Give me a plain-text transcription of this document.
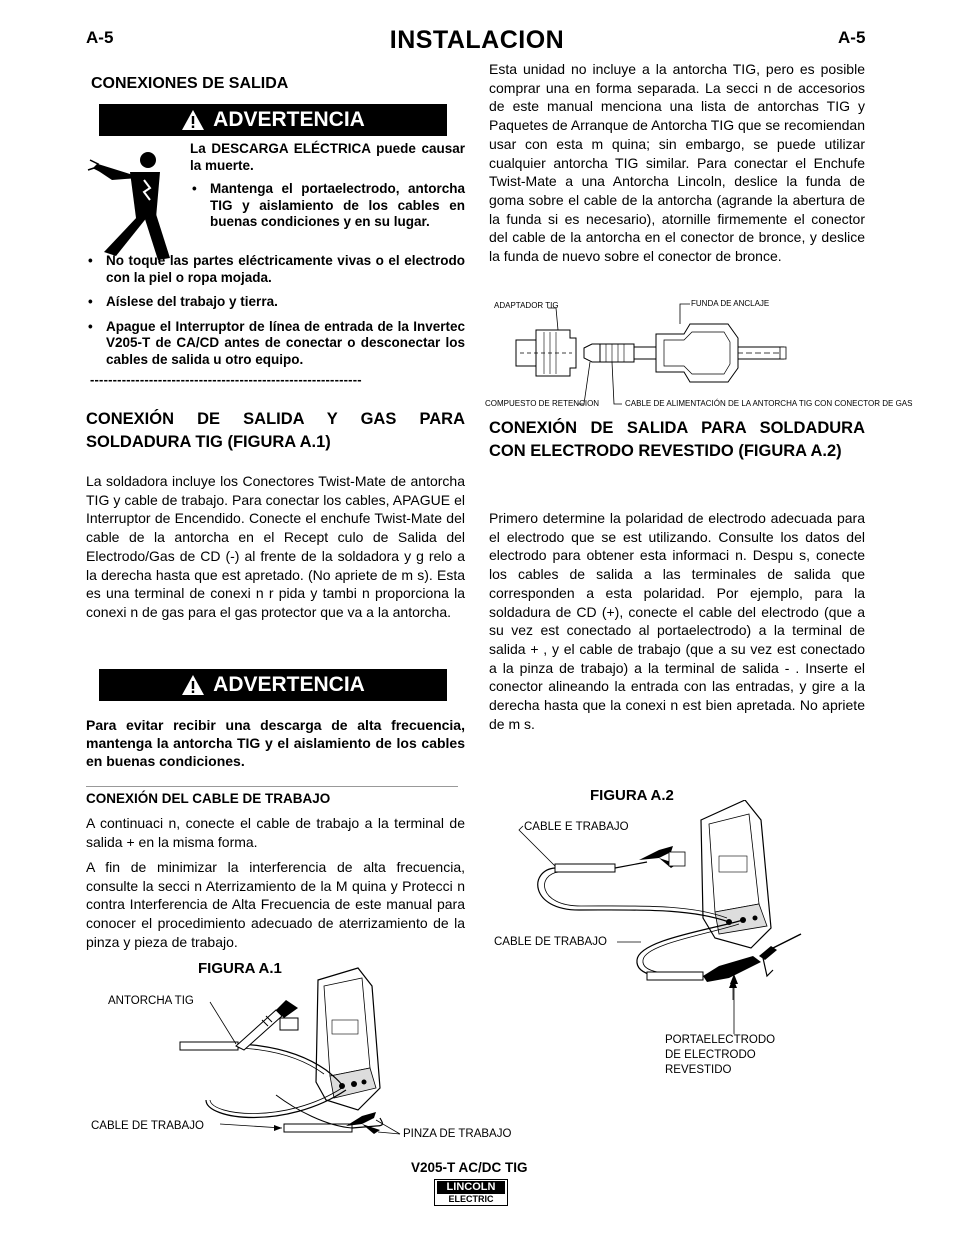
A-5	INSTALACION	A-5
CONEXIONES DE SALIDA
ADVERTENCIA
La DESCARGA ELÉCTRICA puede causar la muerte.
• Mantenga el portaelectrodo, antorcha TIG y aislamiento de los cables en buenas condiciones y en su lugar.
• No toque las partes eléctricamente vivas o el electrodo con la piel o ropa mojada.
• Aíslese del trabajo y tierra.
• Apague el Interruptor de línea de entrada de la Invertec V205-T de CA/CD antes de conectar o desconectar los cables de salida u otro equipo.
------------------------------------------------------------
CONEXIÓN DE SALIDA Y GAS PARA SOLDADURA TIG (FIGURA A.1)
La soldadora incluye los Conectores Twist-Mate de antorcha TIG y cable de trabajo. Para conectar los cables, APAGUE el Interruptor de Encendido. Conecte el enchufe Twist-Mate del cable de la antorcha en el Recept culo de Salida del Electrodo/Gas de CD (-) al frente de la soldadora y g relo a la derecha hasta que est apretado. (No apriete de m s). Esta es una terminal de conexi n r pida y tambi n proporciona la conexi n de gas para el gas protector que va a la antorcha.
ADVERTENCIA
Para evitar recibir una descarga de alta frecuencia, mantenga la antorcha TIG y el aislamiento de los cables en buenas condiciones.
CONEXIÓN DEL CABLE DE TRABAJO
A continuaci n, conecte el cable de trabajo a la terminal de salida + en la misma forma.
A fin de minimizar la interferencia de alta frecuencia, consulte la secci n Aterrizamiento de la M quina y Protecci n contra Interferencia de Alta Frecuencia de este manual para conocer el procedimiento adecuado de aterrizamiento de la pinza y pieza de trabajo.
FIGURA A.1
ANTORCHA TIG
CABLE DE TRABAJO
PINZA DE TRABAJO
Esta unidad no incluye a la antorcha TIG, pero es posible comprar una en forma separada. La secci n de accesorios de este manual menciona una lista de antorchas TIG y Paquetes de Arranque de Antorcha TIG que se recomiendan usar con esta m quina; sin embargo, se puede utilizar cualquier antorcha TIG similar. Para conectar el Enchufe Twist-Mate a una Antorcha Lincoln, deslice la funda de goma sobre el cable de la antorcha (agrande la abertura de la funda si es necesario), atornille firmemente el conector del cable de la antorcha en el conector de bronce, y deslice la funda de nuevo sobre el conector de bronce.
ADAPTADOR TIG	FUNDA DE ANCLAJE
COMPUESTO DE RETENCION	CABLE DE ALIMENTACIÓN DE LA ANTORCHA TIG CON CONECTOR DE GAS
CONEXIÓN DE SALIDA PARA SOLDADURA CON ELECTRODO REVESTIDO (FIGURA A.2)
Primero determine la polaridad de electrodo adecuada para el electrodo que se est utilizando. Consulte los datos del electrodo para obtener esta informaci n. Despu s, conecte los cables de salida a las terminales de salida que corresponden a esta polaridad. Por ejemplo, para la soldadura de CD (+), conecte el cable del electrodo (que a su vez est conectado al portaelectrodo) a la terminal de salida + , y el cable de trabajo (que a su vez est conectado a la pinza de trabajo) a la terminal de salida - . Inserte el conector alineando la entrada con las entradas, y gire a la derecha hasta que la conexi n est bien apretada. No apriete de m s.
FIGURA A.2
CABLE E TRABAJO
CABLE DE TRABAJO
PORTAELECTRODO
DE ELECTRODO
REVESTIDO
V205-T AC/DC TIG
LINCOLN
ELECTRIC
